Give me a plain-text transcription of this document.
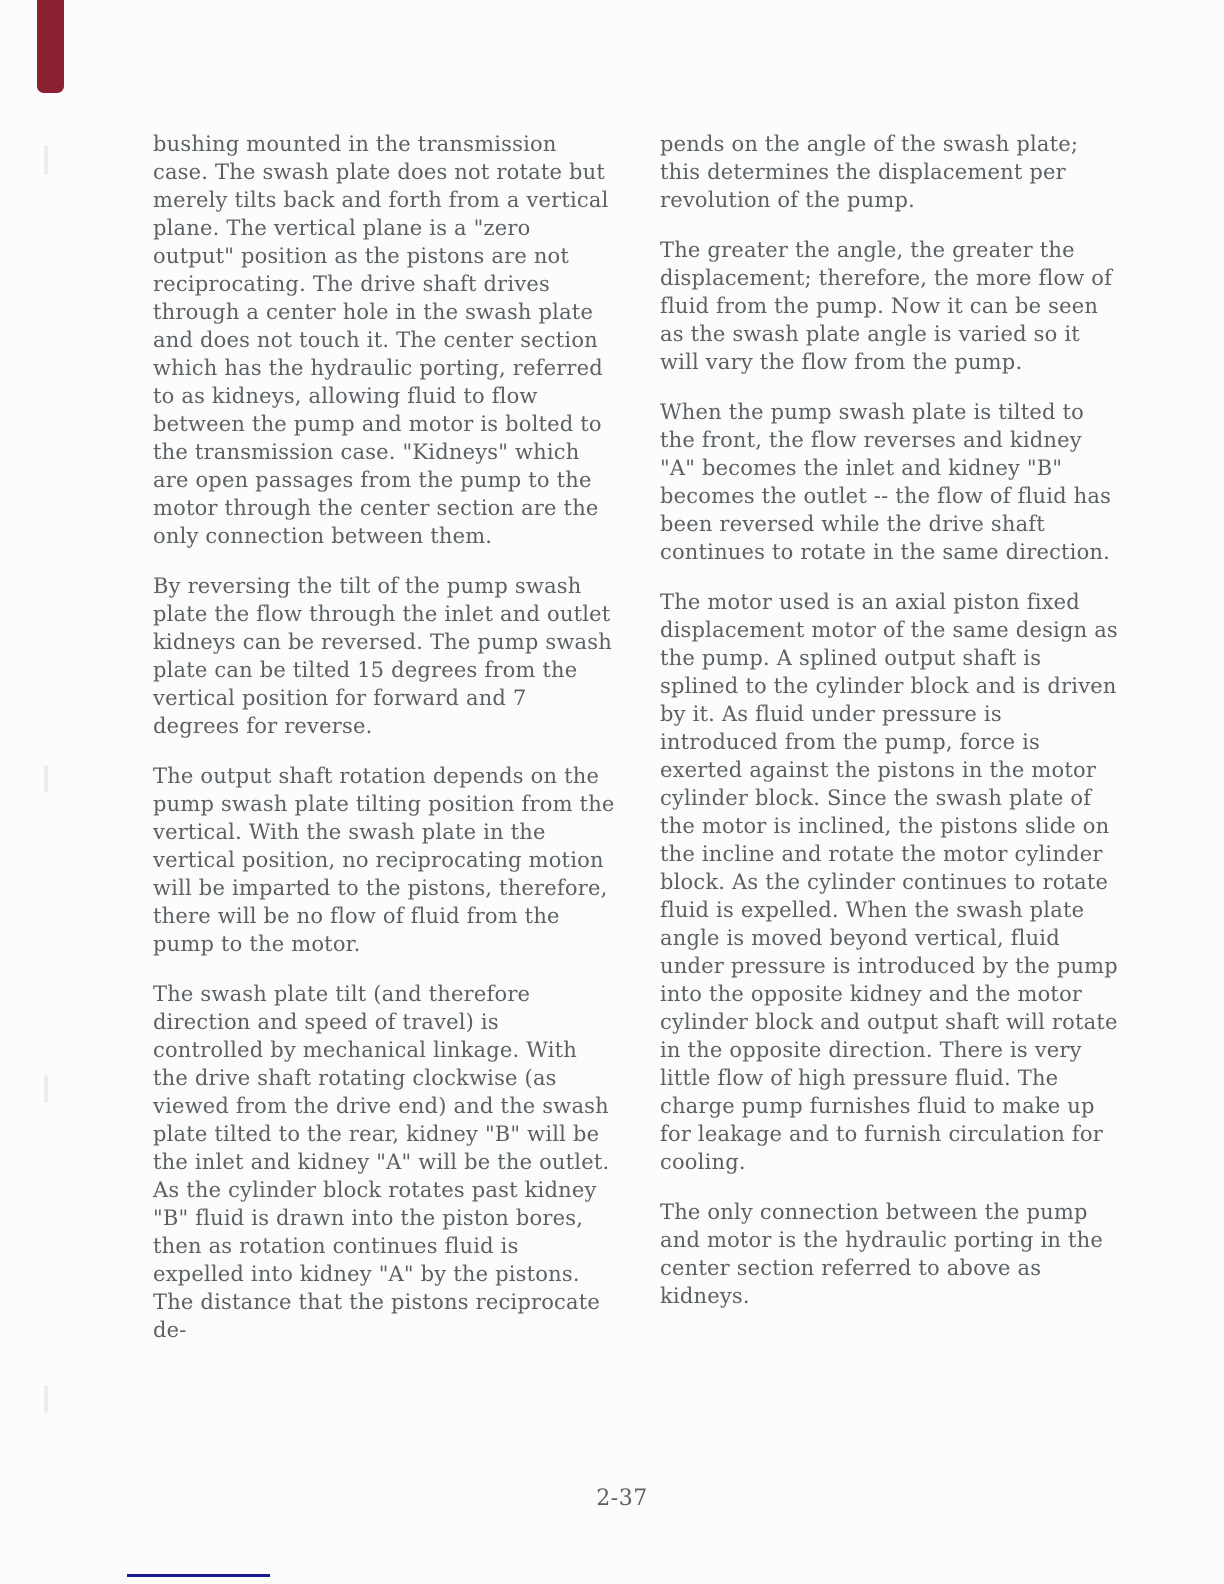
bushing mounted in the transmission case. The swash plate does not rotate but merely tilts back and forth from a vertical plane. The vertical plane is a "zero output" position as the pistons are not reciprocating. The drive shaft drives through a center hole in the swash plate and does not touch it. The center section which has the hydraulic porting, referred to as kidneys, allowing fluid to flow between the pump and motor is bolted to the transmission case. "Kidneys" which are open passages from the pump to the motor through the center section are the only connection between them.

By reversing the tilt of the pump swash plate the flow through the inlet and outlet kidneys can be reversed. The pump swash plate can be tilted 15 degrees from the vertical position for forward and 7 degrees for reverse.

The output shaft rotation depends on the pump swash plate tilting position from the vertical. With the swash plate in the vertical position, no reciprocating motion will be imparted to the pistons, therefore, there will be no flow of fluid from the pump to the motor.

The swash plate tilt (and therefore direction and speed of travel) is controlled by mechanical linkage. With the drive shaft rotating clockwise (as viewed from the drive end) and the swash plate tilted to the rear, kidney "B" will be the inlet and kidney "A" will be the outlet. As the cylinder block rotates past kidney "B" fluid is drawn into the piston bores, then as rotation continues fluid is expelled into kidney "A" by the pistons. The distance that the pistons reciprocate de-

pends on the angle of the swash plate; this determines the displacement per revolution of the pump.

The greater the angle, the greater the displacement; therefore, the more flow of fluid from the pump. Now it can be seen as the swash plate angle is varied so it will vary the flow from the pump.

When the pump swash plate is tilted to the front, the flow reverses and kidney "A" becomes the inlet and kidney "B" becomes the outlet -- the flow of fluid has been reversed while the drive shaft continues to rotate in the same direction.

The motor used is an axial piston fixed displacement motor of the same design as the pump. A splined output shaft is splined to the cylinder block and is driven by it. As fluid under pressure is introduced from the pump, force is exerted against the pistons in the motor cylinder block. Since the swash plate of the motor is inclined, the pistons slide on the incline and rotate the motor cylinder block. As the cylinder continues to rotate fluid is expelled. When the swash plate angle is moved beyond vertical, fluid under pressure is introduced by the pump into the opposite kidney and the motor cylinder block and output shaft will rotate in the opposite direction. There is very little flow of high pressure fluid. The charge pump furnishes fluid to make up for leakage and to furnish circulation for cooling.

The only connection between the pump and motor is the hydraulic porting in the center section referred to above as kidneys.

2-37
